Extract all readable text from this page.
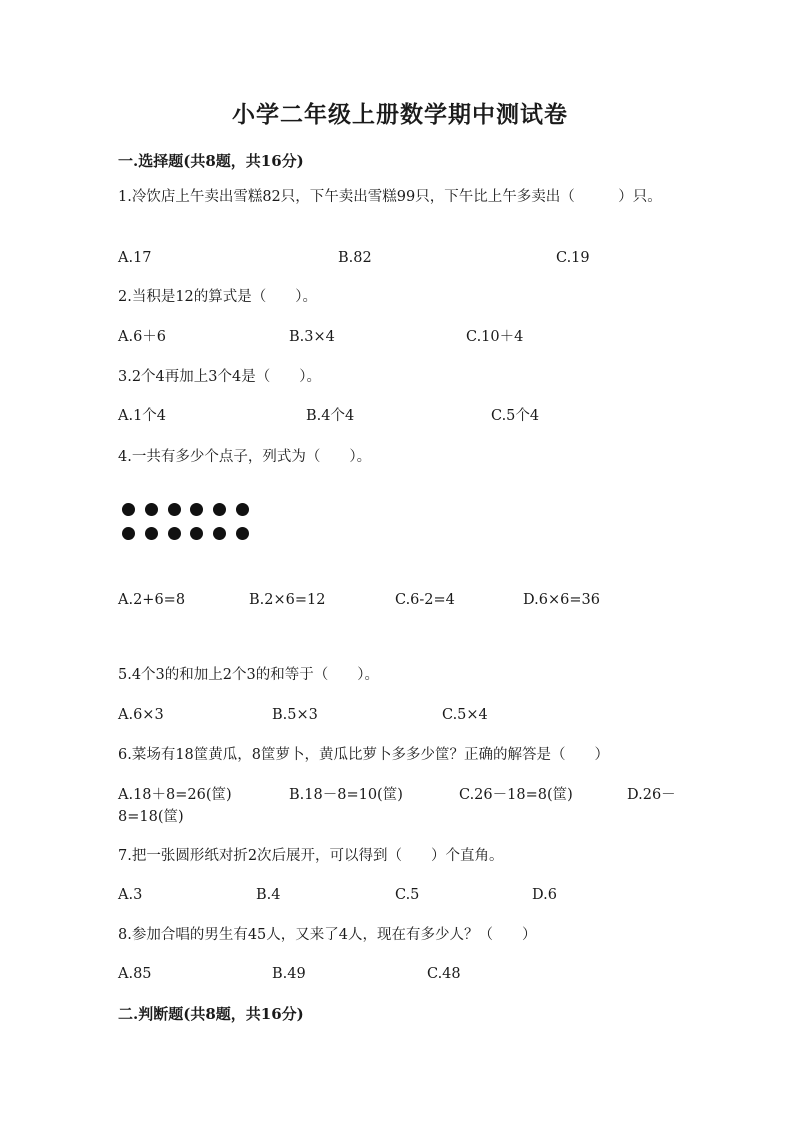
小学二年级上册数学期中测试卷
一.选择题(共8题，共16分)
1.冷饮店上午卖出雪糕82只，下午卖出雪糕99只，下午比上午多卖出（　　　）只。
A.17	B.82	C.19
2.当积是12的算式是（　　）。
A.6＋6	B.3×4	C.10＋4
3.2个4再加上3个4是（　　）。
A.1个4	B.4个4	C.5个4
4.一共有多少个点子，列式为（　　）。
A.2+6=8	B.2×6=12	C.6-2=4	D.6×6=36
5.4个3的和加上2个3的和等于（　　）。
A.6×3	B.5×3	C.5×4
6.菜场有18筐黄瓜，8筐萝卜，黄瓜比萝卜多多少筐？正确的解答是（　　）
A.18＋8=26(筐)	B.18－8=10(筐)	C.26－18=8(筐)	D.26－
8=18(筐)
7.把一张圆形纸对折2次后展开，可以得到（　　）个直角。
A.3	B.4	C.5	D.6
8.参加合唱的男生有45人，又来了4人，现在有多少人？（　　）
A.85	B.49	C.48
二.判断题(共8题，共16分)
